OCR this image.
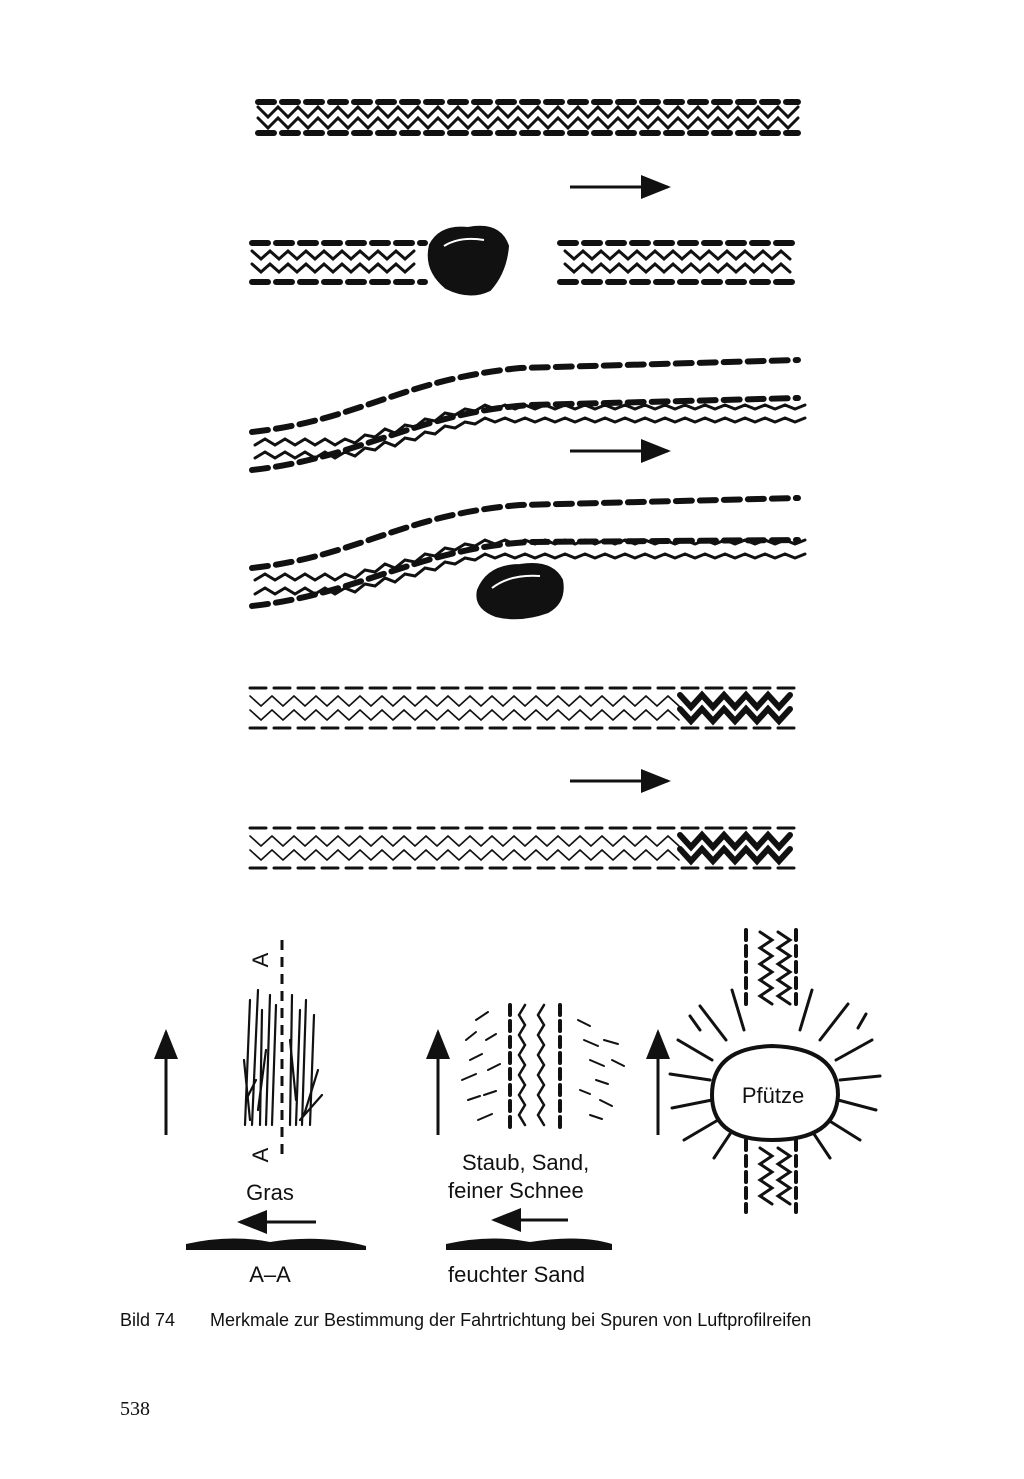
A
A
Gras
A–A
Staub, Sand,
feiner Schnee
feuchter Sand
Pfütze
Bild 74 Merkmale zur Bestimmung der Fahrtrichtung bei Spuren von Luftprofilreifen
538
